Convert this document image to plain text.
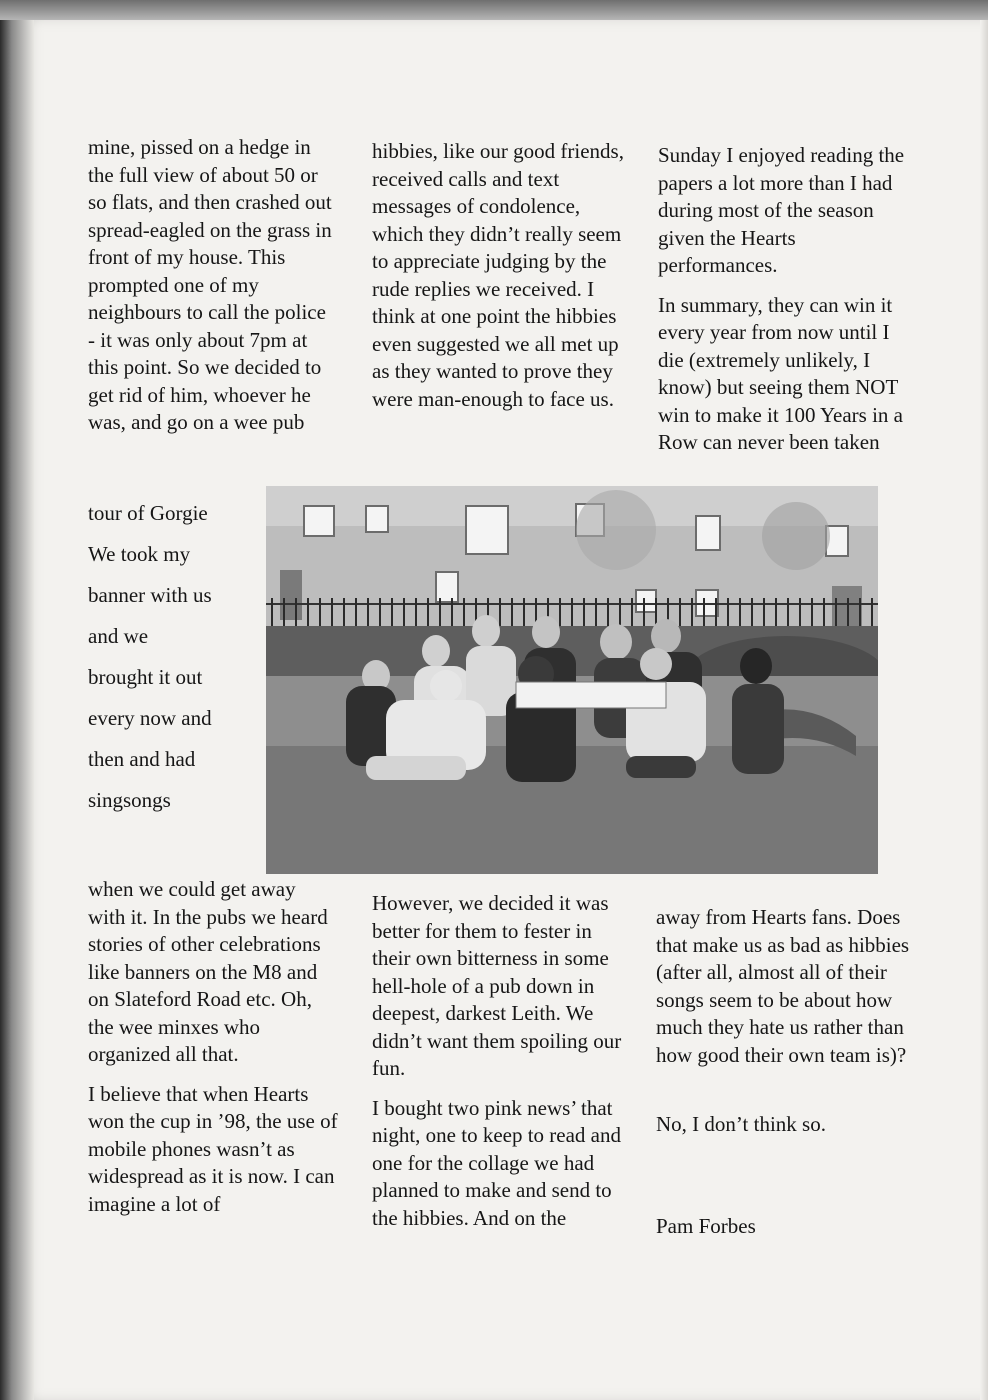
mine, pissed on a hedge in the full view of about 50 or so flats, and then crashed out spread-eagled on the grass in front of my house. This prompted one of my neighbours to call the police - it was only about 7pm at this point. So we decided to get rid of him, whoever he was, and go on a wee pub

hibbies, like our good friends, received calls and text messages of condolence, which they didn’t really seem to appreciate judging by the rude replies we received. I think at one point the hibbies even suggested we all met up as they wanted to prove they were man-enough to face us.

Sunday I enjoyed reading the papers a lot more than I had during most of the season given the Hearts performances.

In summary, they can win it every year from now until I die (extremely unlikely, I know) but seeing them NOT win to make it 100 Years in a Row can never been taken

tour of Gorgie
We took my
banner with us
and we
brought it out
every now and
then and had
singsongs

when we could get away with it. In the pubs we heard stories of other celebrations like banners on the M8 and on Slateford Road etc. Oh, the wee minxes who organized all that.

I believe that when Hearts won the cup in ’98, the use of mobile phones wasn’t as widespread as it is now. I can imagine a lot of

However, we decided it was better for them to fester in their own bitterness in some hell-hole of a pub down in deepest, darkest Leith. We didn’t want them spoiling our fun.

I bought two pink news’ that night, one to keep to read and one for the collage we had planned to make and send to the hibbies. And on the

away from Hearts fans. Does that make us as bad as hibbies (after all, almost all of their songs seem to be about how much they hate us rather than how good their own team is)?

No, I don’t think so.

Pam Forbes
